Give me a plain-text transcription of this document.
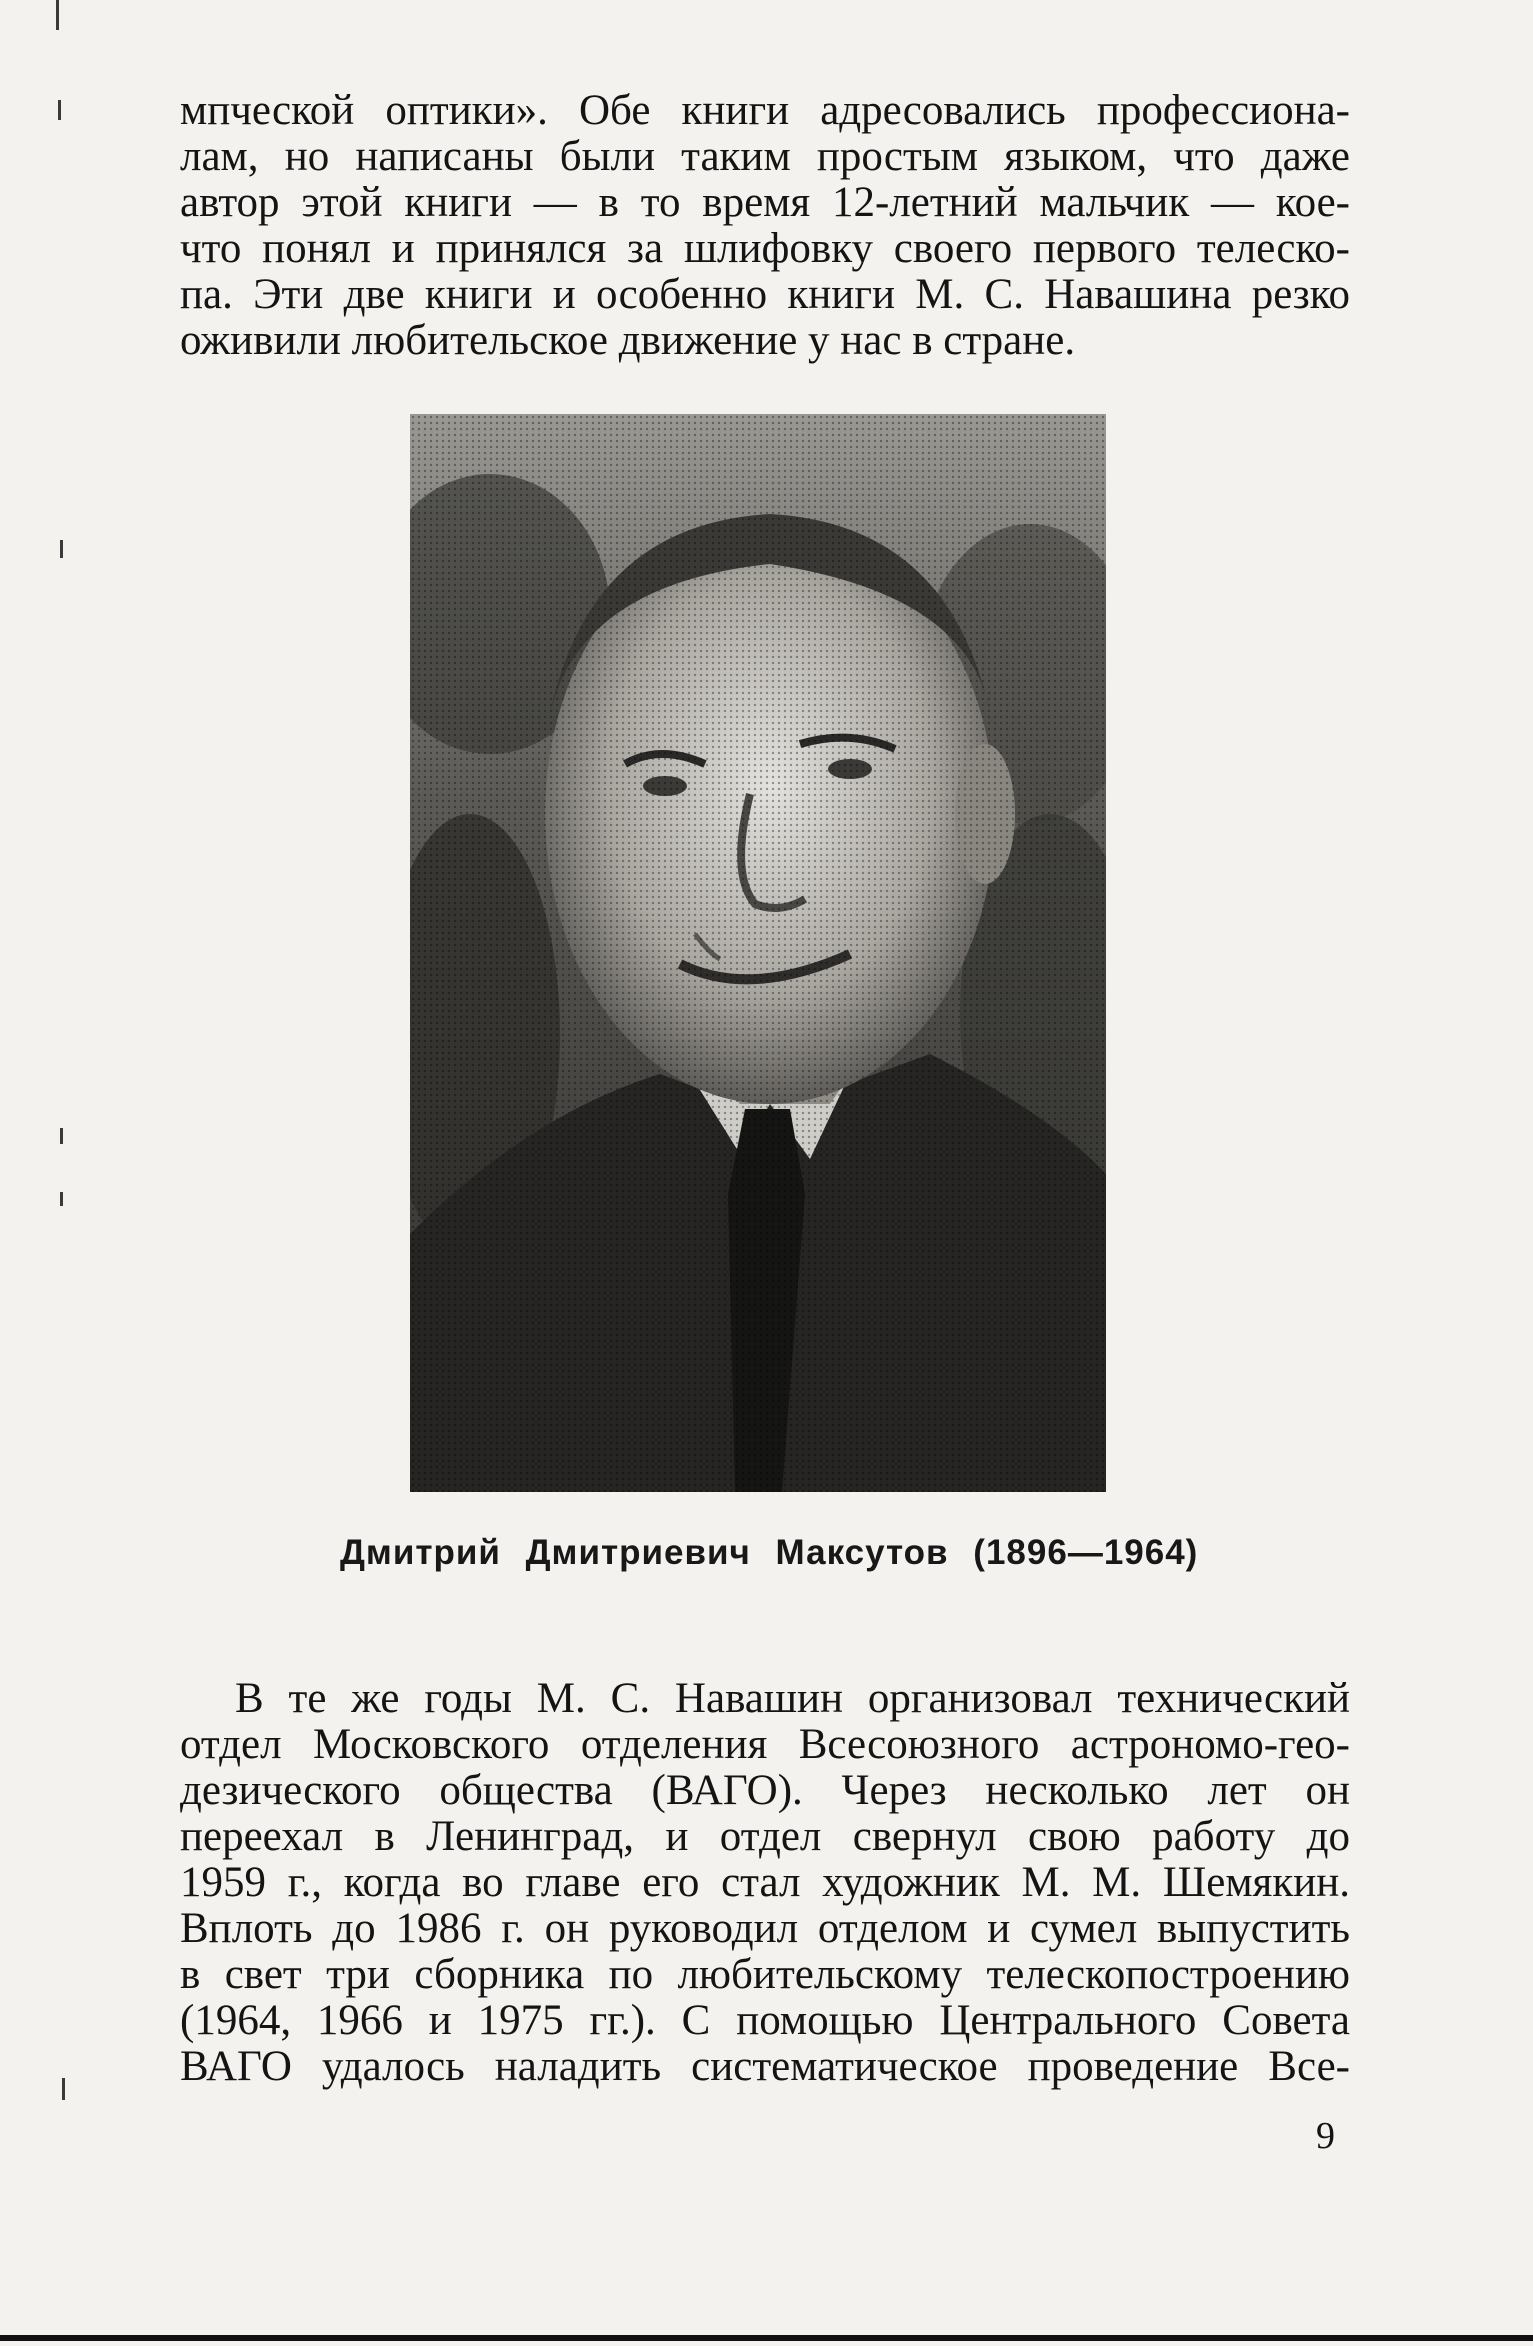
мпческой оптики». Обе книги адресовались профессиона-
лам, но написаны были таким простым языком, что даже
автор этой книги — в то время 12-летний мальчик — кое-
что понял и принялся за шлифовку своего первого телеско-
па. Эти две книги и особенно книги М. С. Навашина резко
оживили любительское движение у нас в стране.
Дмитрий Дмитриевич Максутов (1896—1964)
В те же годы М. С. Навашин организовал технический
отдел Московского отделения Всесоюзного астрономо-гео-
дезического общества (ВАГО). Через несколько лет он
переехал в Ленинград, и отдел свернул свою работу до
1959 г., когда во главе его стал художник М. М. Шемякин.
Вплоть до 1986 г. он руководил отделом и сумел выпустить
в свет три сборника по любительскому телескопостроению
(1964, 1966 и 1975 гг.). С помощью Центрального Совета
ВАГО удалось наладить систематическое проведение Все-
9
